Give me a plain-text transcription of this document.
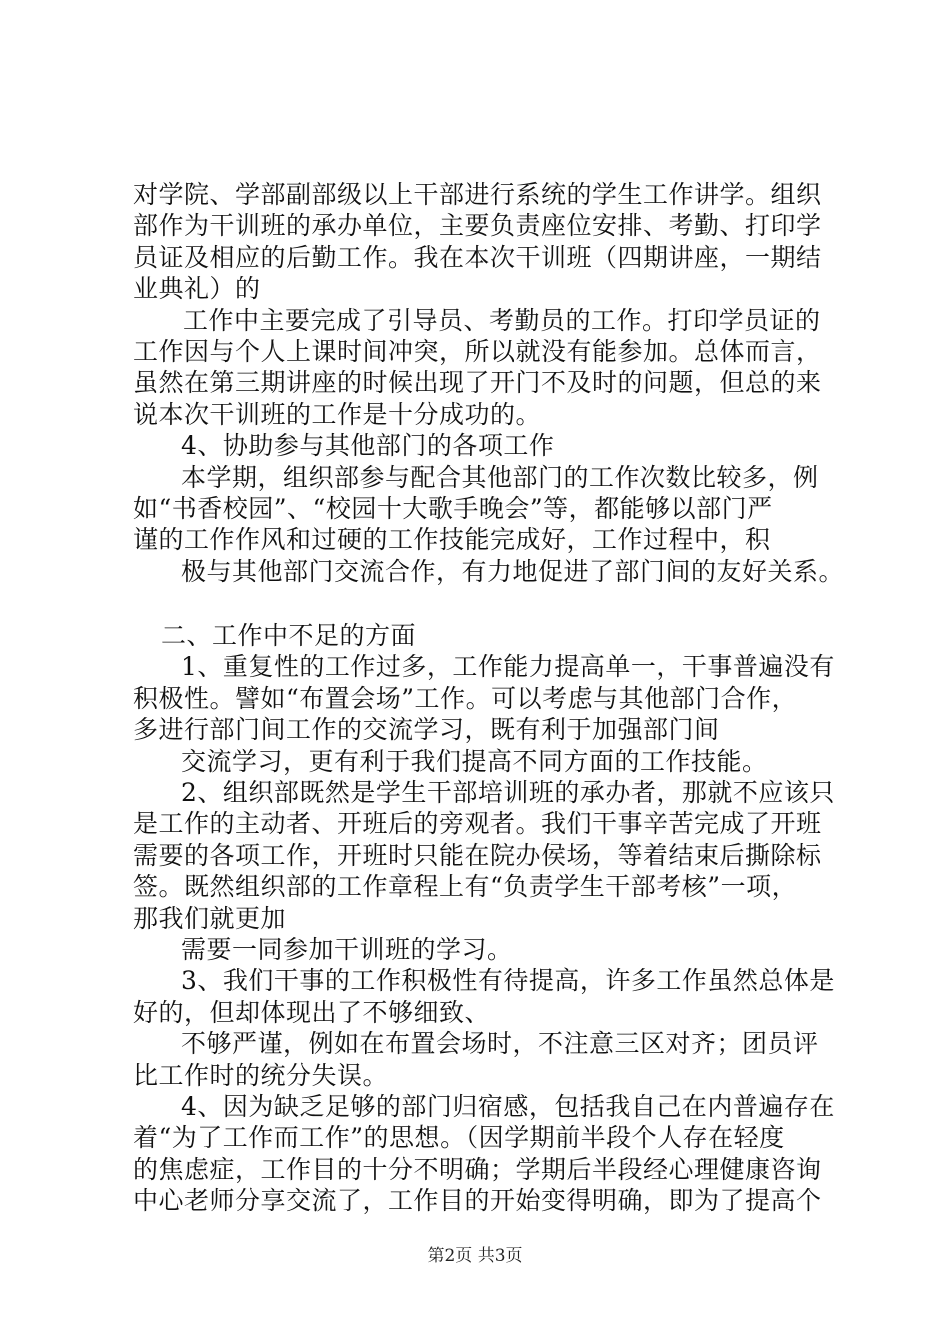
对学院、学部副部级以上干部进行系统的学生工作讲学。组织
部作为干训班的承办单位，主要负责座位安排、考勤、打印学
员证及相应的后勤工作。我在本次干训班（四期讲座，一期结
业典礼）的
工作中主要完成了引导员、考勤员的工作。打印学员证的
工作因与个人上课时间冲突，所以就没有能参加。总体而言，
虽然在第三期讲座的时候出现了开门不及时的问题，但总的来
说本次干训班的工作是十分成功的。
4、协助参与其他部门的各项工作
本学期，组织部参与配合其他部门的工作次数比较多，例
如“书香校园”、“校园十大歌手晚会”等，都能够以部门严
谨的工作作风和过硬的工作技能完成好，工作过程中，积
极与其他部门交流合作，有力地促进了部门间的友好关系。
二、工作中不足的方面
1、重复性的工作过多，工作能力提高单一，干事普遍没有
积极性。譬如“布置会场”工作。可以考虑与其他部门合作，
多进行部门间工作的交流学习，既有利于加强部门间
交流学习，更有利于我们提高不同方面的工作技能。
2、组织部既然是学生干部培训班的承办者，那就不应该只
是工作的主动者、开班后的旁观者。我们干事辛苦完成了开班
需要的各项工作，开班时只能在院办侯场，等着结束后撕除标
签。既然组织部的工作章程上有“负责学生干部考核”一项，
那我们就更加
需要一同参加干训班的学习。
3、我们干事的工作积极性有待提高，许多工作虽然总体是
好的，但却体现出了不够细致、
不够严谨，例如在布置会场时，不注意三区对齐；团员评
比工作时的统分失误。
4、因为缺乏足够的部门归宿感，包括我自己在内普遍存在
着“为了工作而工作”的思想。（因学期前半段个人存在轻度
的焦虑症，工作目的十分不明确；学期后半段经心理健康咨询
中心老师分享交流了，工作目的开始变得明确，即为了提高个
第2页 共3页
